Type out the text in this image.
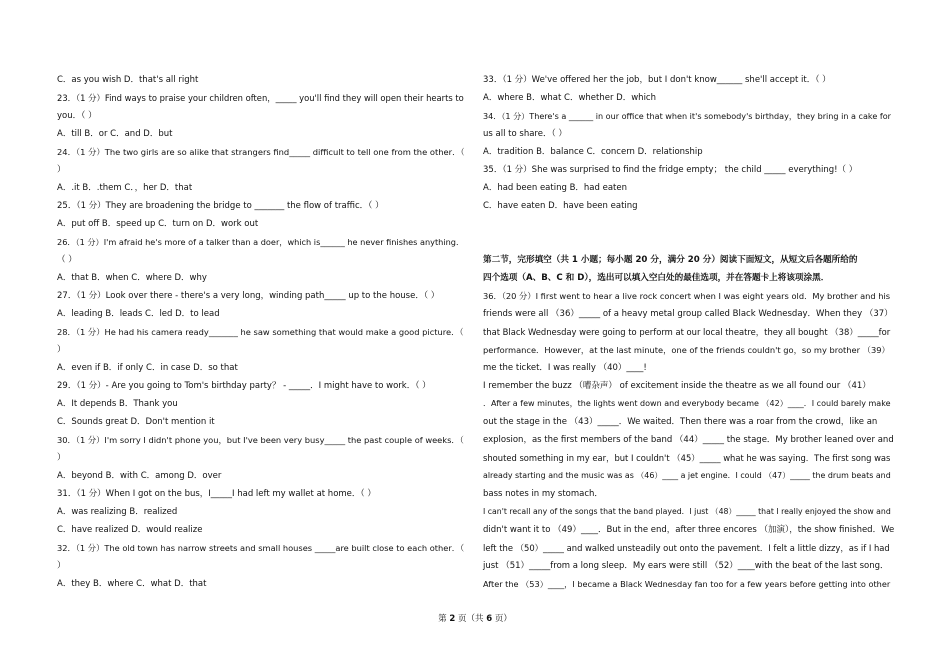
C．as you wish D．that's all right
23．（1 分）Find ways to praise your children often，_____ you'll find they will open their hearts to
you．（ ）
A．till B．or C．and D．but
24．（1 分）The two girls are so alike that strangers find_____ difficult to tell one from the other．（
）
A．.it B．.them C．，her D．that
25．（1 分）They are broadening the bridge to _______ the flow of traffic．（ ）
A．put off B．speed up C．turn on D．work out
26．（1 分）I'm afraid he's more of a talker than a doer，which is______ he never finishes anything．
（ ）
A．that B．when C．where D．why
27．（1 分）Look over there - there's a very long，winding path_____ up to the house．（ ）
A．leading B．leads C．led D．to lead
28．（1 分）He had his camera ready_______ he saw something that would make a good picture．（
）
A．even if B．if only C．in case D．so that
29．（1 分）- Are you going to Tom's birthday party？ - _____．I might have to work．（ ）
A．It depends B．Thank you
C．Sounds great D．Don't mention it
30．（1 分）I'm sorry I didn't phone you，but I've been very busy_____ the past couple of weeks．（
）
A．beyond B．with C．among D．over
31．（1 分）When I got on the bus，I_____I had left my wallet at home．（ ）
A．was realizing B．realized
C．have realized D．would realize
32．（1 分）The old town has narrow streets and small houses _____are built close to each other．（
）
A．they B．where C．what D．that
33．（1 分）We've offered her the job，but I don't know______ she'll accept it．（ ）
A．where B．what C．whether D．which
34．（1 分）There's a ______ in our office that when it's somebody's birthday，they bring in a cake for
us all to share．（ ）
A．tradition B．balance C．concern D．relationship
35．（1 分）She was surprised to find the fridge empty； the child _____ everything!（ ）
A．had been eating B．had eaten
C．have eaten D．have been eating
第二节，完形填空（共 1 小题；每小题 20 分，满分 20 分）阅读下面短文，从短文后各题所给的
四个选项（A、B、C 和 D），选出可以填入空白处的最佳选项，并在答题卡上将该项涂黑．
36．（20 分）I first went to hear a live rock concert when I was eight years old．My brother and his
friends were all （36）_____ of a heavy metal group called Black Wednesday．When they （37）
that Black Wednesday were going to perform at our local theatre，they all bought （38）_____for
performance．However，at the last minute，one of the friends couldn't go，so my brother （39）
me the ticket．I was really （40）____!
I remember the buzz （嘈杂声） of excitement inside the theatre as we all found our （41）
．After a few minutes，the lights went down and everybody became （42）____．I could barely make
out the stage in the （43）_____．We waited．Then there was a roar from the crowd，like an
explosion，as the first members of the band （44）_____ the stage．My brother leaned over and
shouted something in my ear，but I couldn't （45）_____ what he was saying．The first song was
already starting and the music was as （46）____ a jet engine．I could （47）_____ the drum beats and
bass notes in my stomach．
I can't recall any of the songs that the band played．I just （48）_____ that I really enjoyed the show and
didn't want it to （49）____．But in the end，after three encores （加演），the show finished．We
left the （50）_____ and walked unsteadily out onto the pavement．I felt a little dizzy，as if I had
just （51）_____from a long sleep．My ears were still （52）____with the beat of the last song．
After the （53）____，I became a Black Wednesday fan too for a few years before getting into other
第 2 页（共 6 页）
